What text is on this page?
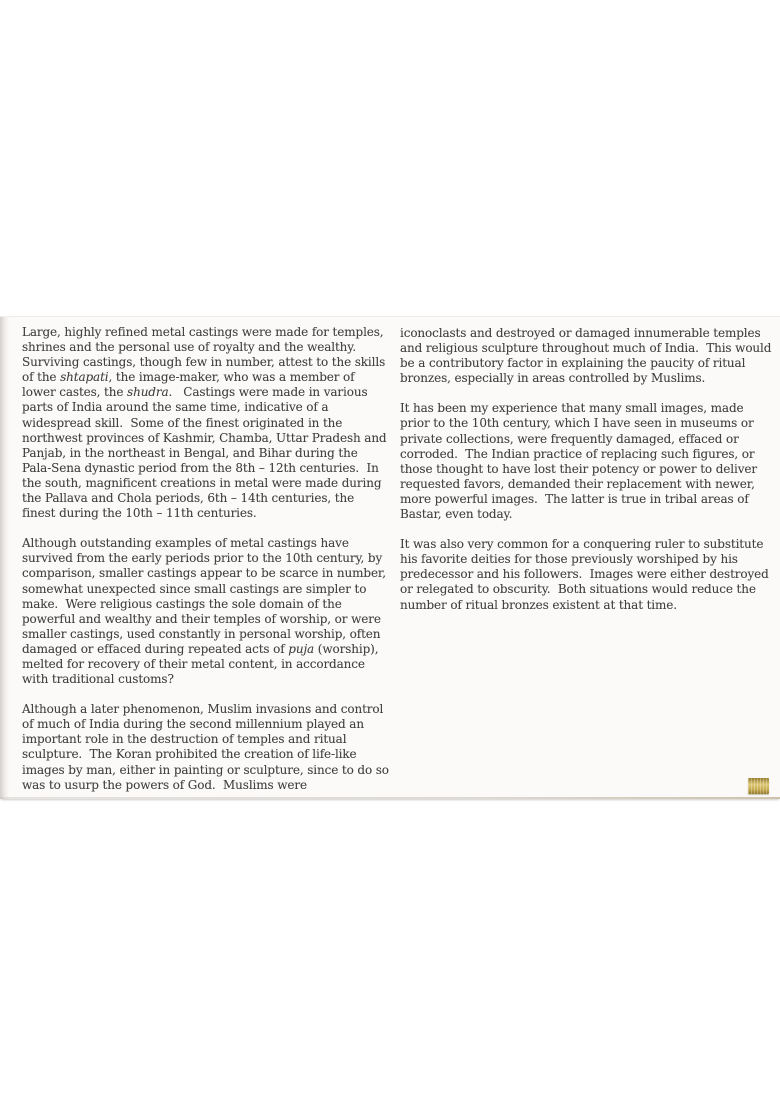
Large, highly refined metal castings were made for temples, shrines and the personal use of royalty and the wealthy.  Surviving castings, though few in number, attest to the skills of the shtapati, the image-maker, who was a member of lower castes, the shudra.   Castings were made in various parts of India around the same time, indicative of a widespread skill.  Some of the finest originated in the northwest provinces of Kashmir, Chamba, Uttar Pradesh and Panjab, in the northeast in Bengal, and Bihar during the Pala-Sena dynastic period from the 8th – 12th centuries.  In the south, magnificent creations in metal were made during the Pallava and Chola periods, 6th – 14th centuries, the finest during the 10th – 11th centuries.

Although outstanding examples of metal castings have survived from the early periods prior to the 10th century, by comparison, smaller castings appear to be scarce in number, somewhat unexpected since small castings are simpler to make.  Were religious castings the sole domain of the powerful and wealthy and their temples of worship, or were smaller castings, used constantly in personal worship, often damaged or effaced during repeated acts of puja (worship), melted for recovery of their metal content, in accordance with traditional customs?

Although a later phenomenon, Muslim invasions and control of much of India during the second millennium played an important role in the destruction of temples and ritual sculpture.  The Koran prohibited the creation of life-like images by man, either in painting or sculpture, since to do so was to usurp the powers of God.  Muslims were

iconoclasts and destroyed or damaged innumerable temples and religious sculpture throughout much of India.  This would be a contributory factor in explaining the paucity of ritual bronzes, especially in areas controlled by Muslims.

It has been my experience that many small images, made prior to the 10th century, which I have seen in museums or private collections, were frequently damaged, effaced or corroded.  The Indian practice of replacing such figures, or those thought to have lost their potency or power to deliver requested favors, demanded their replacement with newer, more powerful images.  The latter is true in tribal areas of Bastar, even today.

It was also very common for a conquering ruler to substitute his favorite deities for those previously worshiped by his predecessor and his followers.  Images were either destroyed or relegated to obscurity.  Both situations would reduce the number of ritual bronzes existent at that time.
